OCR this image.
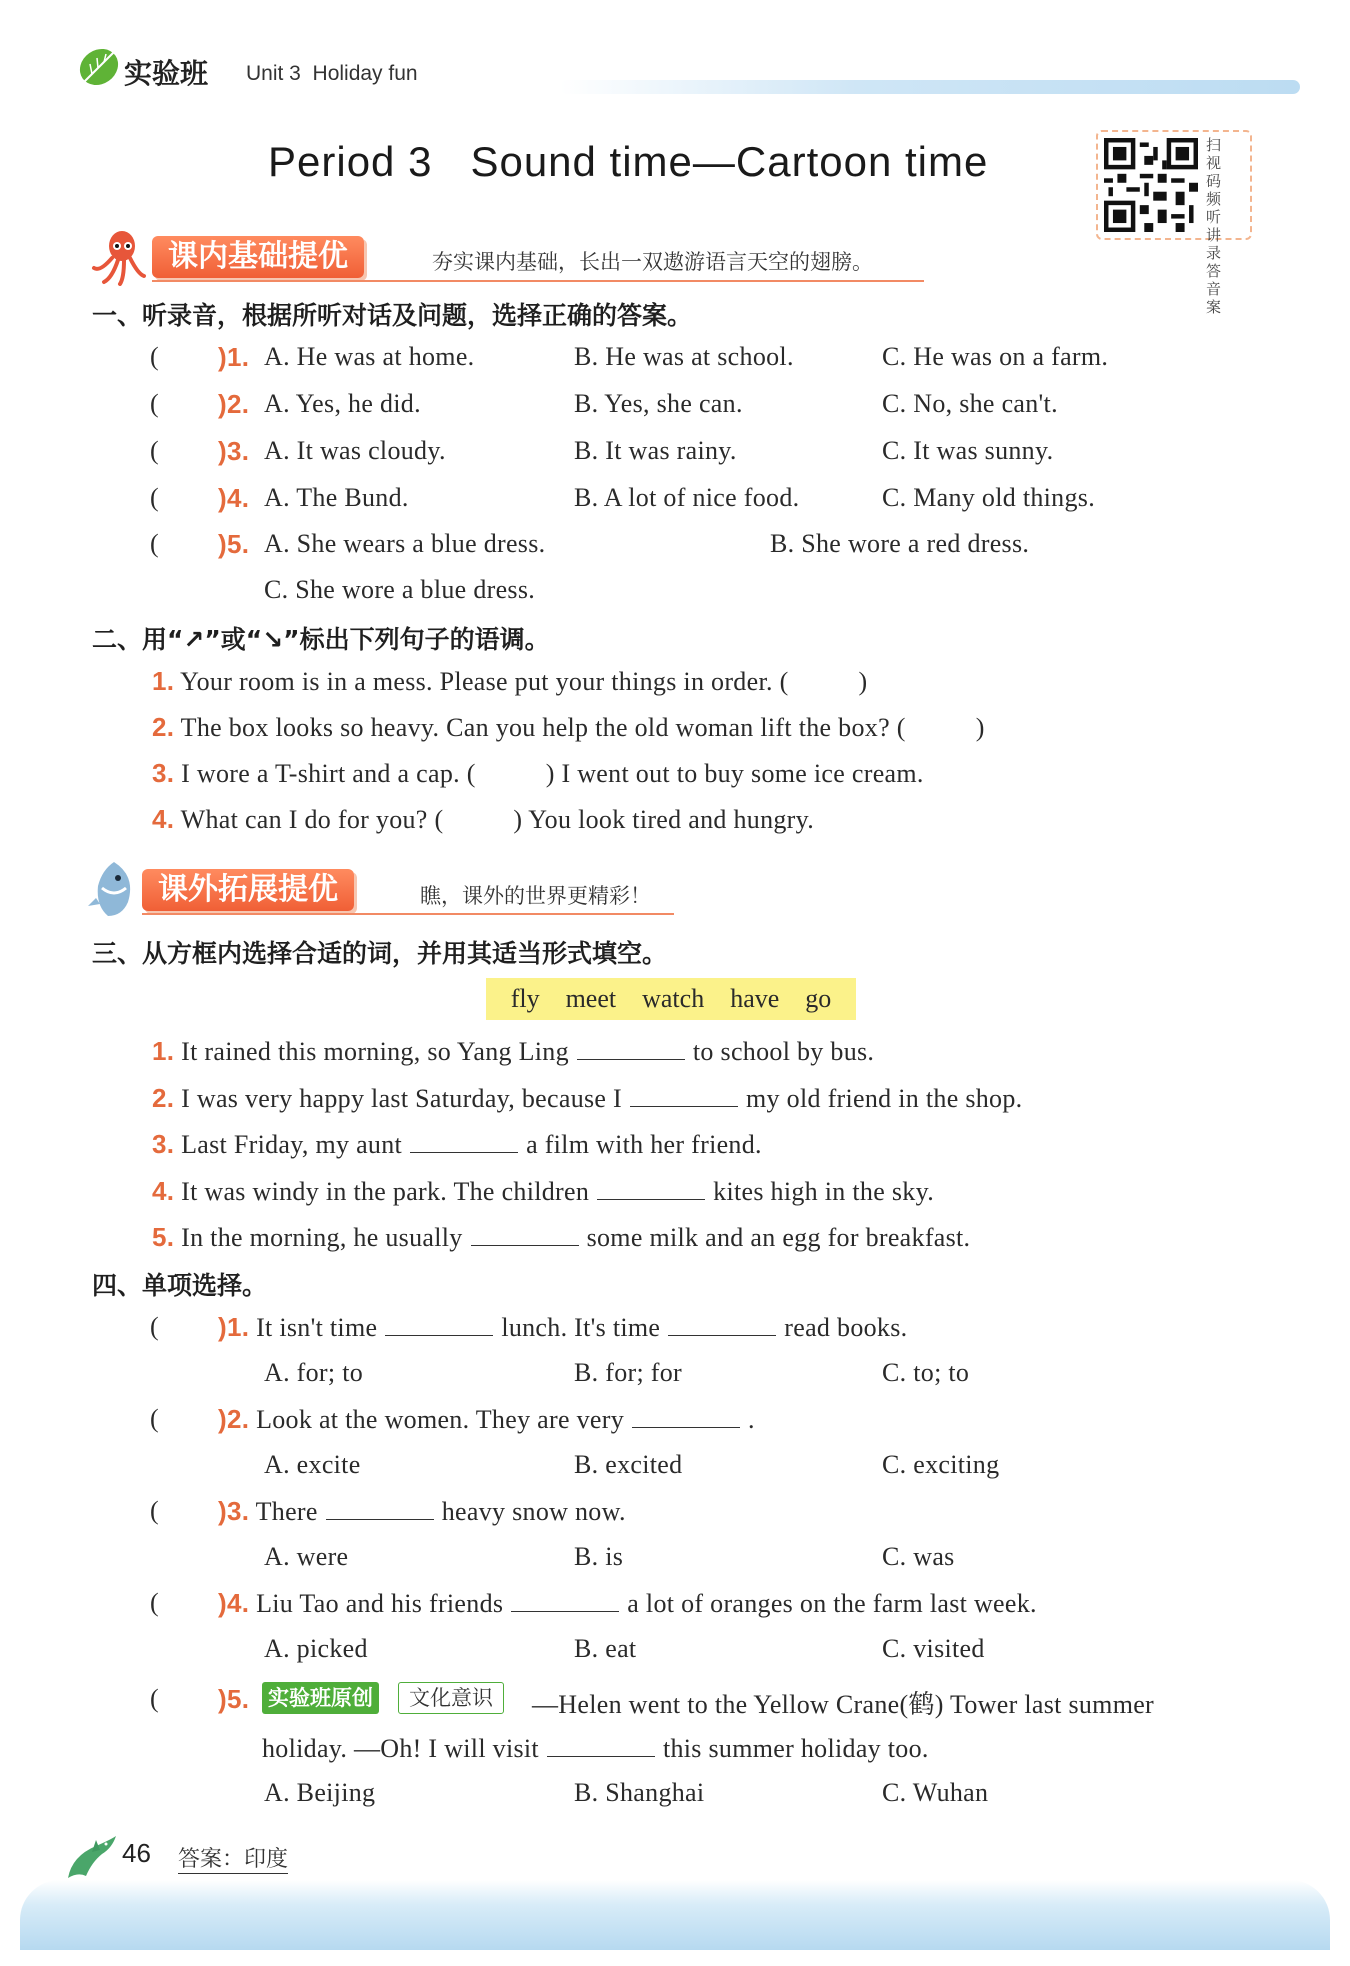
实验班 Unit 3  Holiday fun
Period 3   Sound time—Cartoon time	扫视
码频
听讲
录答
音案
课内基础提优	夯实课内基础，长出一双遨游语言天空的翅膀。
一、听录音，根据所听对话及问题，选择正确的答案。
( )1. A. He was at home.	B. He was at school.	C. He was on a farm.
( )2. A. Yes, he did.	B. Yes, she can.	C. No, she can't.
( )3. A. It was cloudy.	B. It was rainy.	C. It was sunny.
( )4. A. The Bund.	B. A lot of nice food.	C. Many old things.
( )5. A. She wears a blue dress.	B. She wore a red dress.
C. She wore a blue dress.
二、用“↗”或“↘”标出下列句子的语调。
1. Your room is in a mess. Please put your things in order. (	)
2. The box looks so heavy. Can you help the old woman lift the box? (	)
3. I wore a T-shirt and a cap. (	) I went out to buy some ice cream.
4. What can I do for you? (	) You look tired and hungry.
课外拓展提优	瞧，课外的世界更精彩！
三、从方框内选择合适的词，并用其适当形式填空。
fly    meet    watch    have    go
1. It rained this morning, so Yang Ling	to school by bus.
2. I was very happy last Saturday, because I	my old friend in the shop.
3. Last Friday, my aunt	a film with her friend.
4. It was windy in the park. The children	kites high in the sky.
5. In the morning, he usually	some milk and an egg for breakfast.
四、单项选择。
( )1. It isn't time	lunch. It's time	read books.
A. for; to	B. for; for	C. to; to
( )2. Look at the women. They are very	.
A. excite	B. excited	C. exciting
( )3. There	heavy snow now.
A. were	B. is	C. was
( )4. Liu Tao and his friends	a lot of oranges on the farm last week.
A. picked	B. eat	C. visited
( )5. 实验班原创	文化意识	—Helen went to the Yellow Crane(鹤) Tower last summer
holiday. —Oh! I will visit	this summer holiday too.
A. Beijing	B. Shanghai	C. Wuhan
46 答案：印度
